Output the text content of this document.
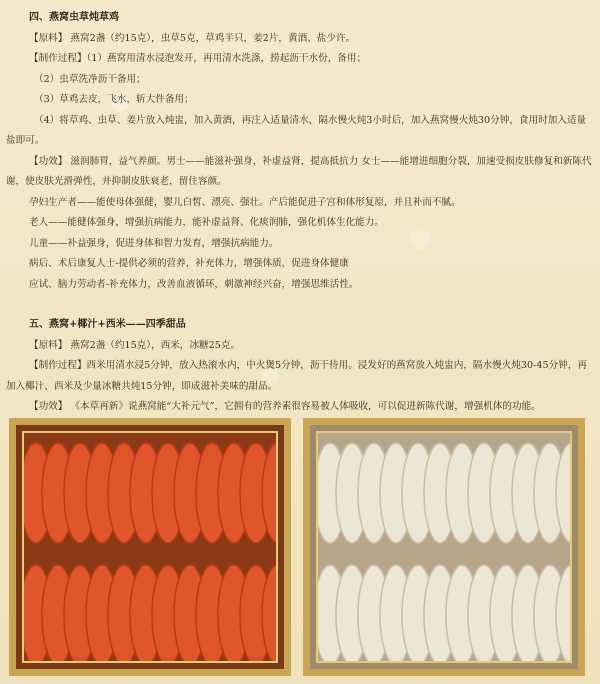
四、燕窝虫草炖草鸡
【原料】 燕窝2盏（约15克），虫草5克，草鸡半只，姜2片，黄酒、盐少许。
【制作过程】（1）燕窝用清水浸泡发开，再用清水洗涤，捞起沥干水份，备用；
（2）虫草洗净沥干备用；
（3）草鸡去皮，飞水，斩大件备用；
（4）将草鸡、虫草、姜片放入炖盅，加入黄酒，再注入适量清水，隔水慢火炖3小时后，加入燕窝慢火炖30分钟，食用时加入适量盐即可。
【功效】 滋润肺胃，益气养颜。男士——能滋补强身，补虚益肾，提高抵抗力 女士——能增进细胞分裂，加速受损皮肤修复和新陈代谢，使皮肤光滑弹性，并抑制皮肤衰老，留住容颜。
孕妇生产者——能使母体强健，婴儿白皙、漂亮、强壮。产后能促进子宫和体形复原，并且补而不腻。
老人——能健体强身，增强抗病能力，能补虚益肾、化痰润肺，强化机体生化能力。
儿童——补益强身，促进身体和智力发育，增强抗病能力。
病后、术后康复人士-提供必须的营养，补充体力，增强体质，促进身体健康
应试、脑力劳动者-补充体力，改善血液循环，刺激神经兴奋，增强思维活性。
五、燕窝+椰汁+西米——四季甜品
【原料】 燕窝2盏（约15克），西米，冰糖25克。
【制作过程】西米用清水浸5分钟，放入热滚水内，中火煲5分钟，沥干待用。浸发好的燕窝放入炖盅内，隔水慢火炖30-45分钟，再加入椰汁、西米及少量冰糖共炖15分钟，即成滋补美味的甜品。
【功效】 《本草再新》说燕窝能“大补元气”，它拥有的营养素很容易被人体吸收，可以促进新陈代谢，增强机体的功能。
